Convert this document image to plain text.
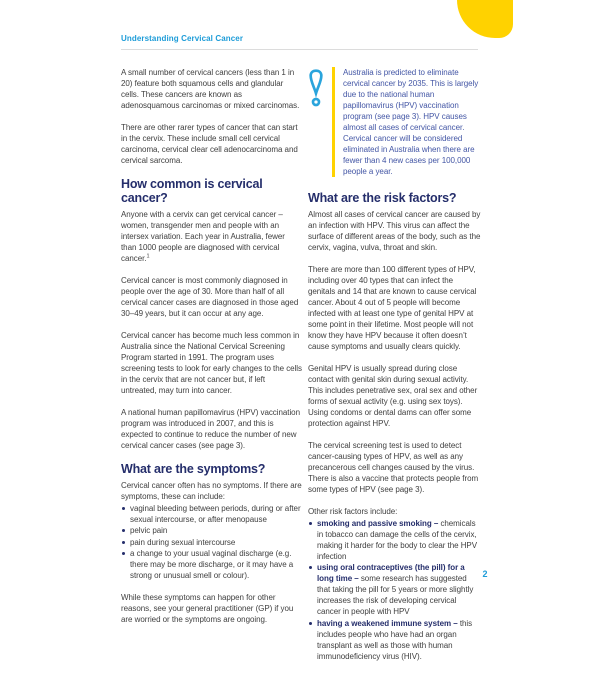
Understanding Cervical Cancer

A small number of cervical cancers (less than 1 in 20) feature both squamous cells and glandular cells. These cancers are known as adenosquamous carcinomas or mixed carcinomas.

There are other rarer types of cancer that can start in the cervix. These include small cell cervical carcinoma, cervical clear cell adenocarcinoma and cervical sarcoma.

How common is cervical cancer?

Anyone with a cervix can get cervical cancer – women, transgender men and people with an intersex variation. Each year in Australia, fewer than 1000 people are diagnosed with cervical cancer.$^1$

Cervical cancer is most commonly diagnosed in people over the age of 30. More than half of all cervical cancer cases are diagnosed in those aged 30–49 years, but it can occur at any age.

Cervical cancer has become much less common in Australia since the National Cervical Screening Program started in 1991. The program uses screening tests to look for early changes to the cells in the cervix that are not cancer but, if left untreated, may turn into cancer.

A national human papillomavirus (HPV) vaccination program was introduced in 2007, and this is expected to continue to reduce the number of new cervical cancer cases (see page 3).

What are the symptoms?

Cervical cancer often has no symptoms. If there are symptoms, these can include:

vaginal bleeding between periods, during or after sexual intercourse, or after menopause
pelvic pain
pain during sexual intercourse
a change to your usual vaginal discharge (e.g. there may be more discharge, or it may have a strong or unusual smell or colour).

While these symptoms can happen for other reasons, see your general practitioner (GP) if you are worried or the symptoms are ongoing.

Australia is predicted to eliminate cervical cancer by 2035. This is largely due to the national human papillomavirus (HPV) vaccination program (see page 3). HPV causes almost all cases of cervical cancer. Cervical cancer will be considered eliminated in Australia when there are fewer than 4 new cases per 100,000 people a year.
What are the risk factors?

Almost all cases of cervical cancer are caused by an infection with HPV. This virus can affect the surface of different areas of the body, such as the cervix, vagina, vulva, throat and skin.

There are more than 100 different types of HPV, including over 40 types that can infect the genitals and 14 that are known to cause cervical cancer. About 4 out of 5 people will become infected with at least one type of genital HPV at some point in their lifetime. Most people will not know they have HPV because it often doesn’t cause symptoms and usually clears quickly.

Genital HPV is usually spread during close contact with genital skin during sexual activity. This includes penetrative sex, oral sex and other forms of sexual activity (e.g. using sex toys). Using condoms or dental dams can offer some protection against HPV.

The cervical screening test is used to detect cancer-causing types of HPV, as well as any precancerous cell changes caused by the virus. There is also a vaccine that protects people from some types of HPV (see page 3).

Other risk factors include:

smoking and passive smoking – chemicals in tobacco can damage the cells of the cervix, making it harder for the body to clear the HPV infection
using oral contraceptives (the pill) for a long time – some research has suggested that taking the pill for 5 years or more slightly increases the risk of developing cervical cancer in people with HPV
having a weakened immune system – this includes people who have had an organ transplant as well as those with human immunodeficiency virus (HIV).
2
